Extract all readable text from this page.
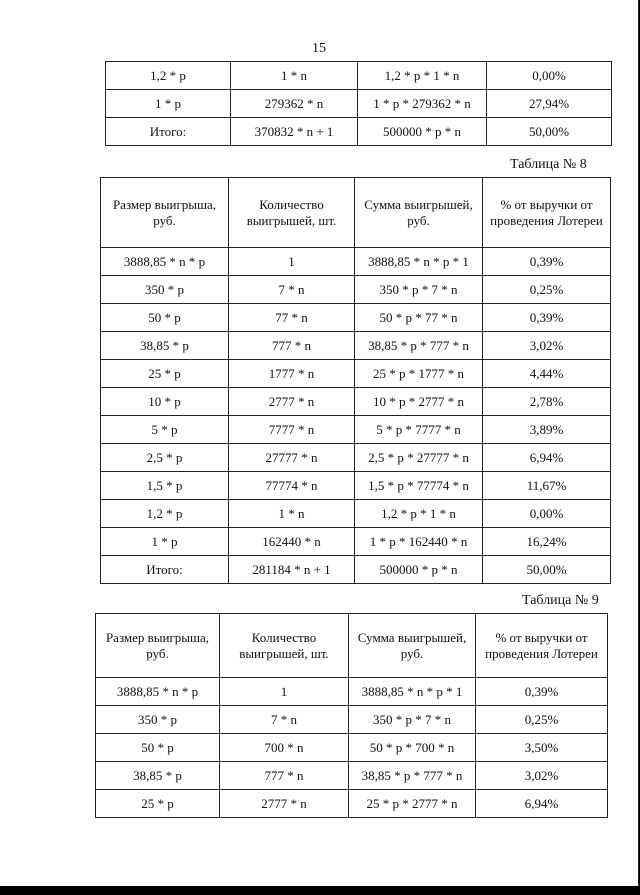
15
1,2 * p	1 * n	1,2 * p * 1 * n	0,00%
1 * p	279362 * n	1 * p * 279362 * n	27,94%
Итого:	370832 * n + 1	500000 * p * n	50,00%
Таблица № 8
Размер выигрыша, руб.	Количество выигрышей, шт.	Сумма выигрышей, руб.	% от выручки от проведения Лотереи
3888,85 * n * p	1	3888,85 * n * p * 1	0,39%
350 * p	7 * n	350 * p * 7 * n	0,25%
50 * p	77 * n	50 * p * 77 * n	0,39%
38,85 * p	777 * n	38,85 * p * 777 * n	3,02%
25 * p	1777 * n	25 * p * 1777 * n	4,44%
10 * p	2777 * n	10 * p * 2777 * n	2,78%
5 * p	7777 * n	5 * p * 7777 * n	3,89%
2,5 * p	27777 * n	2,5 * p * 27777 * n	6,94%
1,5 * p	77774 * n	1,5 * p * 77774 * n	11,67%
1,2 * p	1 * n	1,2 * p * 1 * n	0,00%
1 * p	162440 * n	1 * p * 162440 * n	16,24%
Итого:	281184 * n + 1	500000 * p * n	50,00%
Таблица № 9
Размер выигрыша, руб.	Количество выигрышей, шт.	Сумма выигрышей, руб.	% от выручки от проведения Лотереи
3888,85 * n * p	1	3888,85 * n * p * 1	0,39%
350 * p	7 * n	350 * p * 7 * n	0,25%
50 * p	700 * n	50 * p * 700 * n	3,50%
38,85 * p	777 * n	38,85 * p * 777 * n	3,02%
25 * p	2777 * n	25 * p * 2777 * n	6,94%
